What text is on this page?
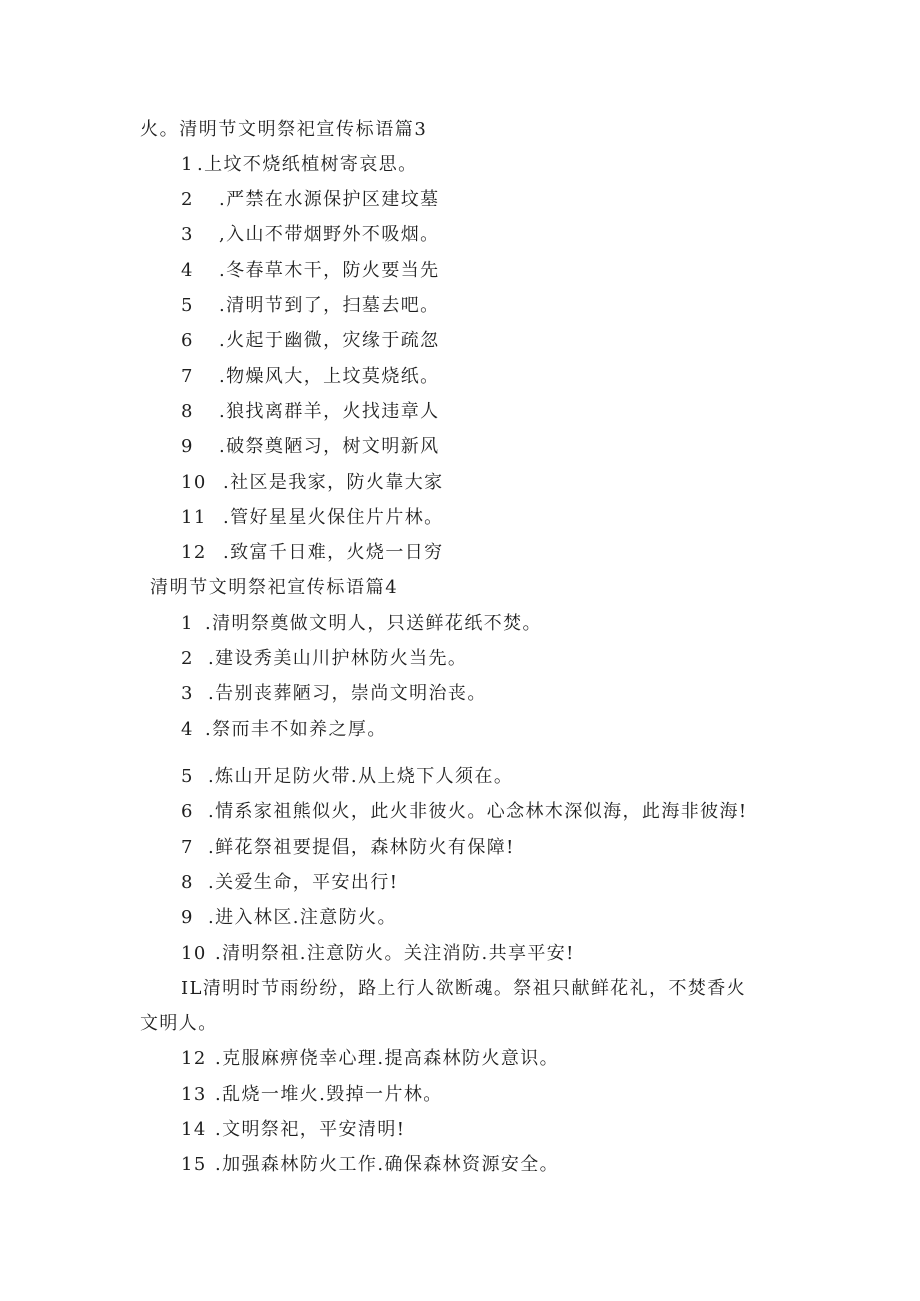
火。清明节文明祭祀宣传标语篇3
1 .上坟不烧纸植树寄哀思。
2 .严禁在水源保护区建坟墓
3 ,入山不带烟野外不吸烟。
4 .冬春草木干，防火要当先
5 .清明节到了，扫墓去吧。
6 .火起于幽微，灾缘于疏忽
7 .物燥风大，上坟莫烧纸。
8 .狼找离群羊，火找违章人
9 .破祭奠陋习，树文明新风
10 .社区是我家，防火靠大家
11 .管好星星火保住片片林。
12 .致富千日难，火烧一日穷
清明节文明祭祀宣传标语篇4
1 .清明祭奠做文明人，只送鲜花纸不焚。
2 .建设秀美山川护林防火当先。
3 .告别丧葬陋习，崇尚文明治丧。
4 .祭而丰不如养之厚。
5 .炼山开足防火带.从上烧下人须在。
6 .情系家祖熊似火，此火非彼火。心念林木深似海，此海非彼海!
7 .鲜花祭祖要提倡，森林防火有保障!
8 .关爱生命，平安出行!
9 .进入林区.注意防火。
10 .清明祭祖.注意防火。关注消防.共享平安!
IL清明时节雨纷纷，路上行人欲断魂。祭祖只献鲜花礼，不焚香火
文明人。
12 .克服麻痹侥幸心理.提高森林防火意识。
13 .乱烧一堆火.毁掉一片林。
14 .文明祭祀，平安清明!
15 .加强森林防火工作.确保森林资源安全。
